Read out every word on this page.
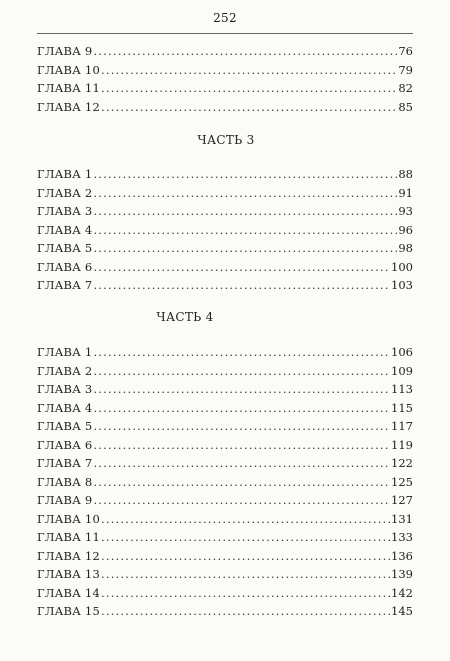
252
ГЛАВА 9 .....	76
ГЛАВА 10 .....	79
ГЛАВА 11 .....	82
ГЛАВА 12 .....	85
ЧАСТЬ 3
ГЛАВА 1 .....	88
ГЛАВА 2 .....	91
ГЛАВА 3 .....	93
ГЛАВА 4 .....	96
ГЛАВА 5 .....	98
ГЛАВА 6 .....	100
ГЛАВА 7 .....	103
ЧАСТЬ 4
ГЛАВА 1 .....	106
ГЛАВА 2 .....	109
ГЛАВА 3 .....	113
ГЛАВА 4 .....	115
ГЛАВА 5 .....	117
ГЛАВА 6 .....	119
ГЛАВА 7 .....	122
ГЛАВА 8 .....	125
ГЛАВА 9 .....	127
ГЛАВА 10 .....	131
ГЛАВА 11 .....	133
ГЛАВА 12 .....	136
ГЛАВА 13 .....	139
ГЛАВА 14 .....	142
ГЛАВА 15 .....	145
